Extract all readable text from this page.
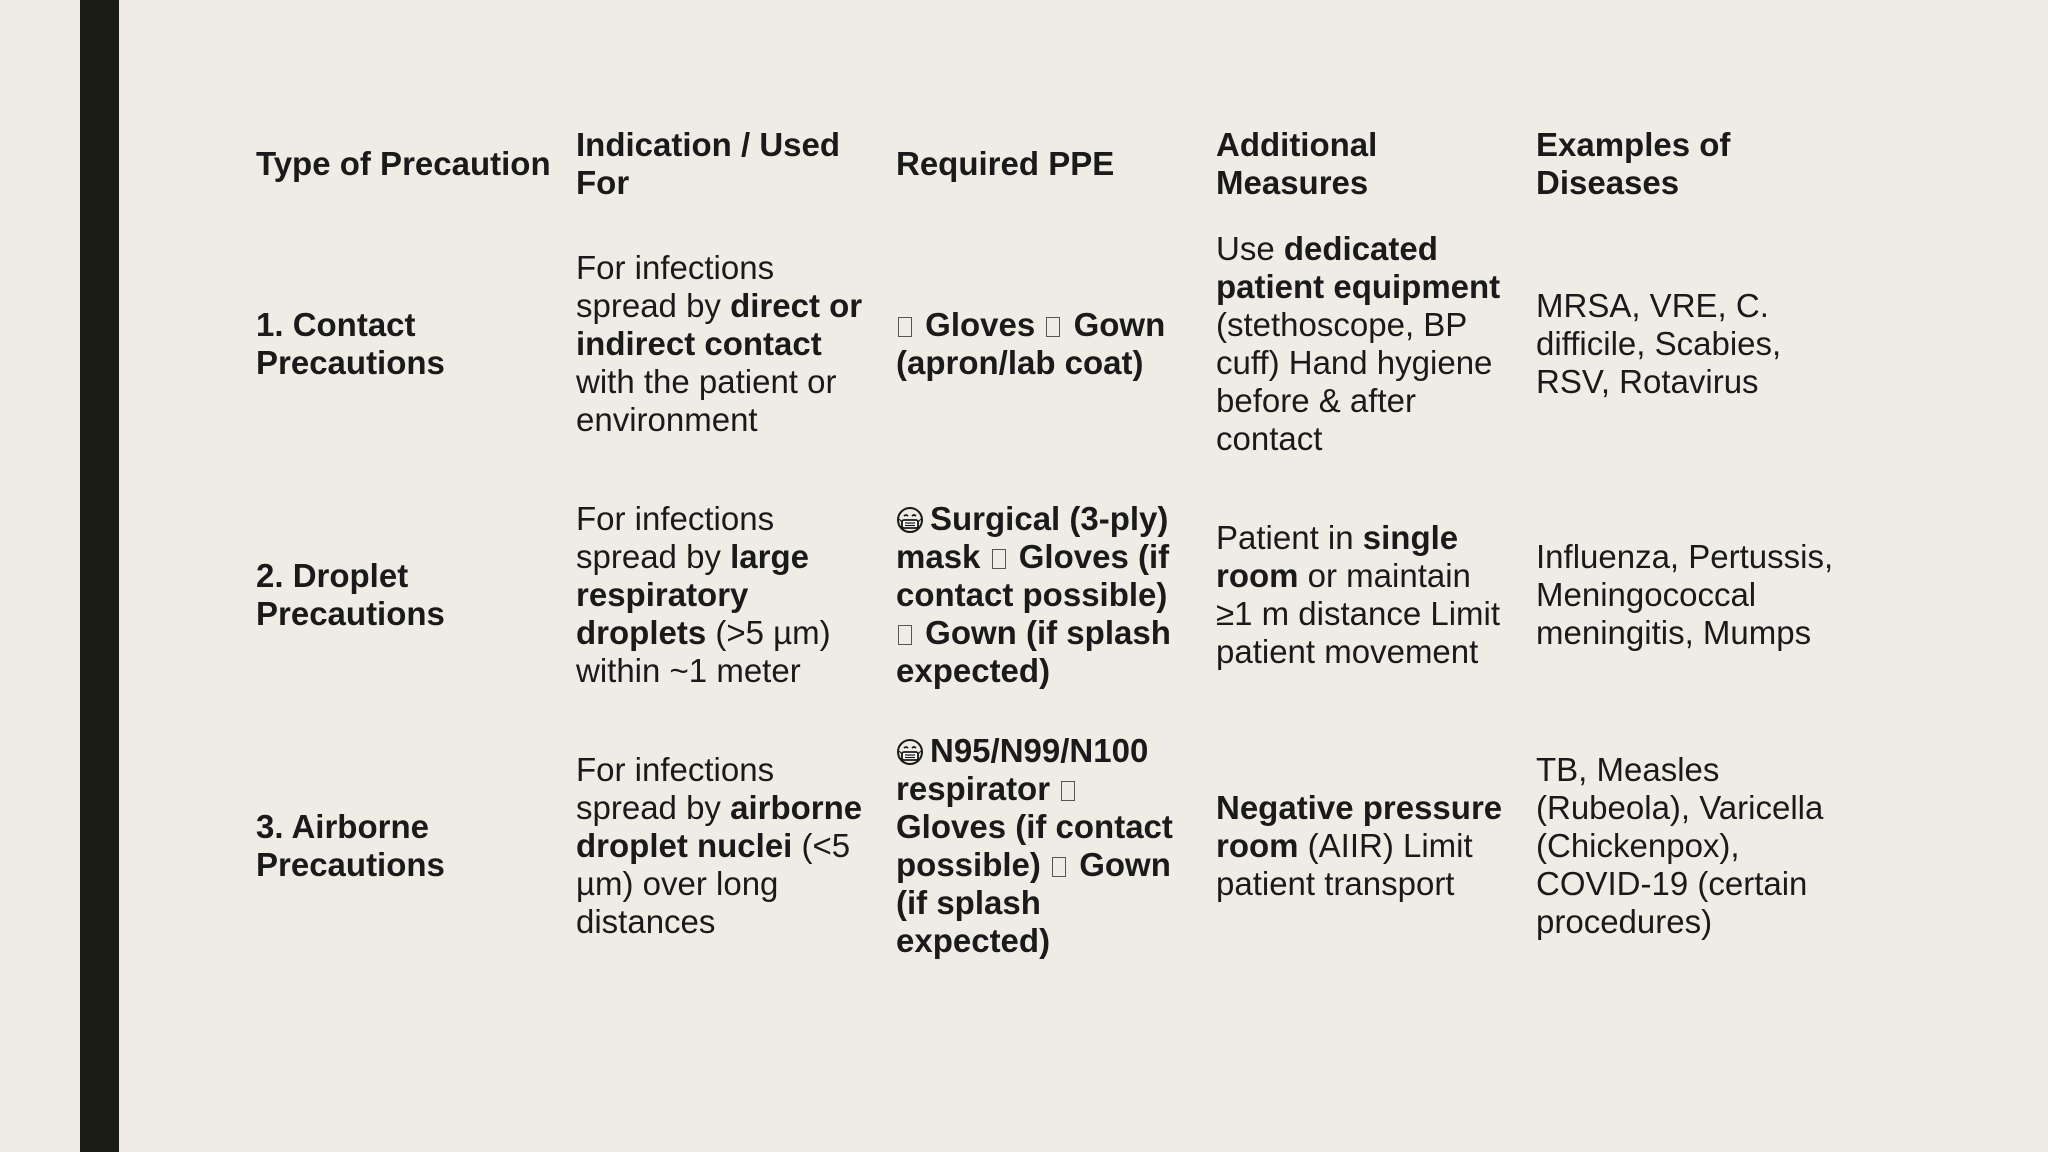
Type of Precaution	Indication / Used For	Required PPE	Additional Measures	Examples of Diseases
1. Contact Precautions	For infections spread by direct or indirect contact with the patient or environment	Gloves Gown (apron/lab coat)	Use dedicated patient equipment (stethoscope, BP cuff) Hand hygiene before & after contact	MRSA, VRE, C. difficile, Scabies, RSV, Rotavirus
2. Droplet Precautions	For infections spread by large respiratory droplets (>5 µm) within ~1 meter	Surgical (3-ply) mask Gloves (if contact possible)  Gown (if splash expected)	Patient in single room or maintain ≥1 m distance Limit patient movement	Influenza, Pertussis, Meningococcal meningitis, Mumps
3. Airborne Precautions	For infections spread by airborne droplet nuclei (<5 µm) over long distances	N95/N99/N100 respirator  Gloves (if contact possible) Gown (if splash expected)	Negative pressure room (AIIR) Limit patient transport	TB, Measles (Rubeola), Varicella (Chickenpox), COVID-19 (certain procedures)
